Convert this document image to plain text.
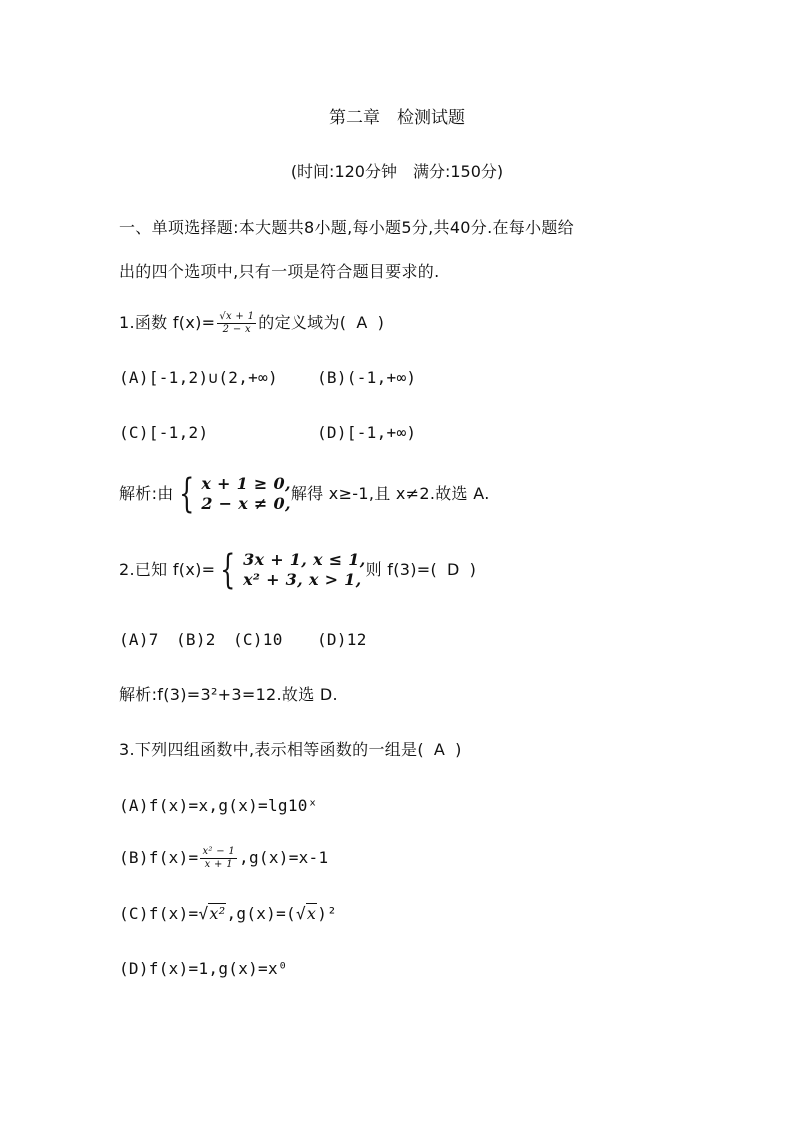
第二章　检测试题
(时间:120分钟　满分:150分)
一、单项选择题:本大题共8小题,每小题5分,共40分.在每小题给
出的四个选项中,只有一项是符合题目要求的.
1.函数 $f(x)= \frac{√x + 1}{2 - x}$ 的定义域为( A )
(A)[-1,2)∪(2,+∞) (B)(-1,+∞)
(C)[-1,2)	(D)[-1,+∞)
解析:由 { x + 1 ≥ 0,
2 − x ≠ 0,
解得 x≥-1,且 x≠2.故选 A.
2.已知 f(x)= { 3x + 1, x ≤ 1,
x² + 3, x > 1,
则 f(3)=( D )
(A)7 (B)2 (C)10 (D)12
解析:f(3)=3²+3=12.故选 D.
3.下列四组函数中,表示相等函数的一组是( A )
(A)f(x)=x,g(x)=lg10ˣ
$(B)f(x)= \frac{\text{x² − 1}}{x + 1} ,g(x)=x-1$
(C)f(x)=√x²,g(x)=(√x)²
(D)f(x)=1,g(x)=x⁰
